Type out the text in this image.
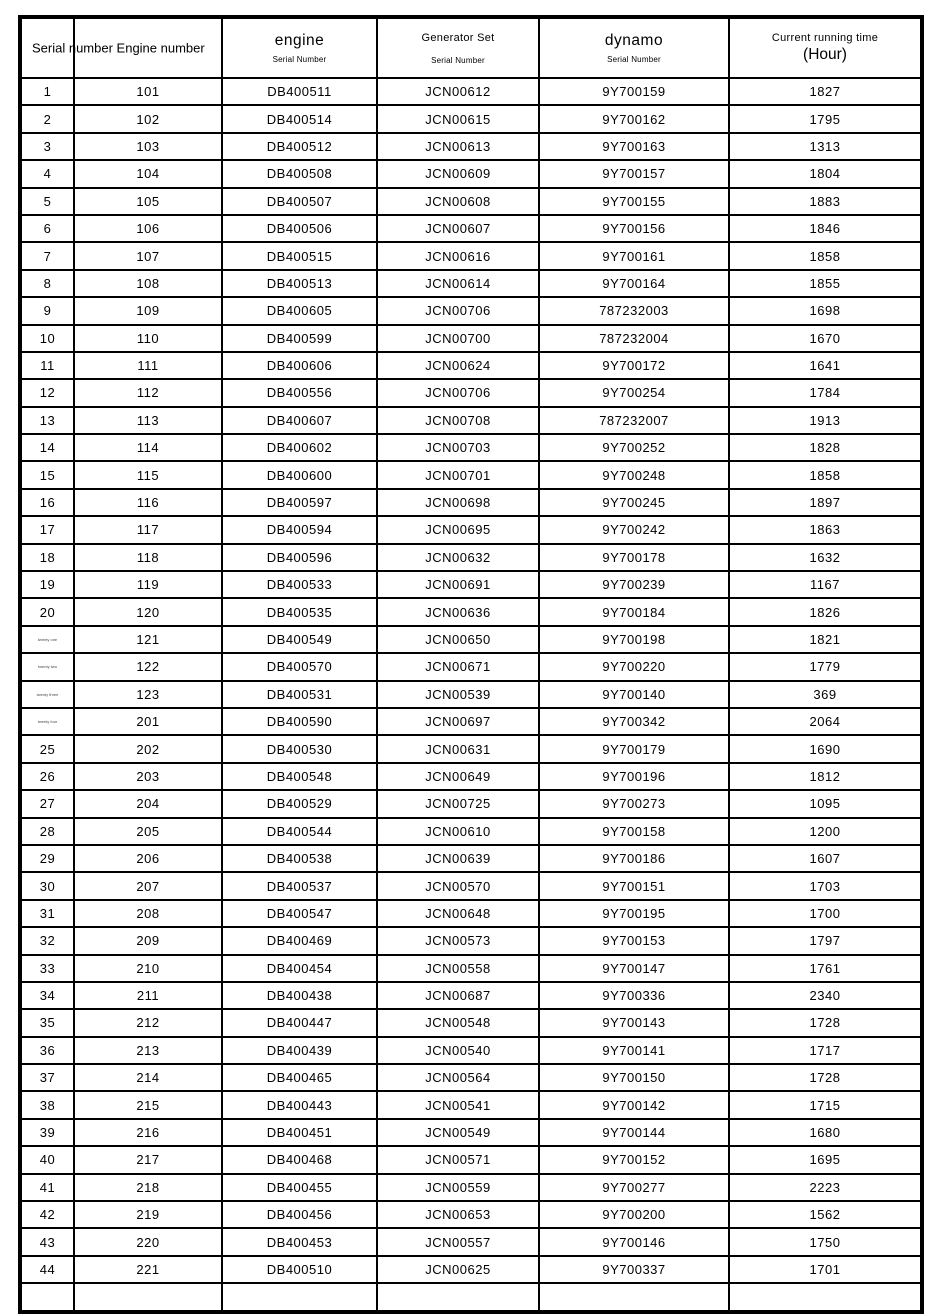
Serial number Engine number		engine
Serial Number

Generator Set
Serial Number

dynamo
Serial Number

Current running time
(Hour)

1	101	DB400511	JCN00612	9Y700159	1827
2	102	DB400514	JCN00615	9Y700162	1795
3	103	DB400512	JCN00613	9Y700163	1313
4	104	DB400508	JCN00609	9Y700157	1804
5	105	DB400507	JCN00608	9Y700155	1883
6	106	DB400506	JCN00607	9Y700156	1846
7	107	DB400515	JCN00616	9Y700161	1858
8	108	DB400513	JCN00614	9Y700164	1855
9	109	DB400605	JCN00706	787232003	1698
10	110	DB400599	JCN00700	787232004	1670
11	111	DB400606	JCN00624	9Y700172	1641
12	112	DB400556	JCN00706	9Y700254	1784
13	113	DB400607	JCN00708	787232007	1913
14	114	DB400602	JCN00703	9Y700252	1828
15	115	DB400600	JCN00701	9Y700248	1858
16	116	DB400597	JCN00698	9Y700245	1897
17	117	DB400594	JCN00695	9Y700242	1863
18	118	DB400596	JCN00632	9Y700178	1632
19	119	DB400533	JCN00691	9Y700239	1167
20	120	DB400535	JCN00636	9Y700184	1826
twenty one	121	DB400549	JCN00650	9Y700198	1821
twenty two	122	DB400570	JCN00671	9Y700220	1779
twenty three	123	DB400531	JCN00539	9Y700140	369
twenty four	201	DB400590	JCN00697	9Y700342	2064
25	202	DB400530	JCN00631	9Y700179	1690
26	203	DB400548	JCN00649	9Y700196	1812
27	204	DB400529	JCN00725	9Y700273	1095
28	205	DB400544	JCN00610	9Y700158	1200
29	206	DB400538	JCN00639	9Y700186	1607
30	207	DB400537	JCN00570	9Y700151	1703
31	208	DB400547	JCN00648	9Y700195	1700
32	209	DB400469	JCN00573	9Y700153	1797
33	210	DB400454	JCN00558	9Y700147	1761
34	211	DB400438	JCN00687	9Y700336	2340
35	212	DB400447	JCN00548	9Y700143	1728
36	213	DB400439	JCN00540	9Y700141	1717
37	214	DB400465	JCN00564	9Y700150	1728
38	215	DB400443	JCN00541	9Y700142	1715
39	216	DB400451	JCN00549	9Y700144	1680
40	217	DB400468	JCN00571	9Y700152	1695
41	218	DB400455	JCN00559	9Y700277	2223
42	219	DB400456	JCN00653	9Y700200	1562
43	220	DB400453	JCN00557	9Y700146	1750
44	221	DB400510	JCN00625	9Y700337	1701
